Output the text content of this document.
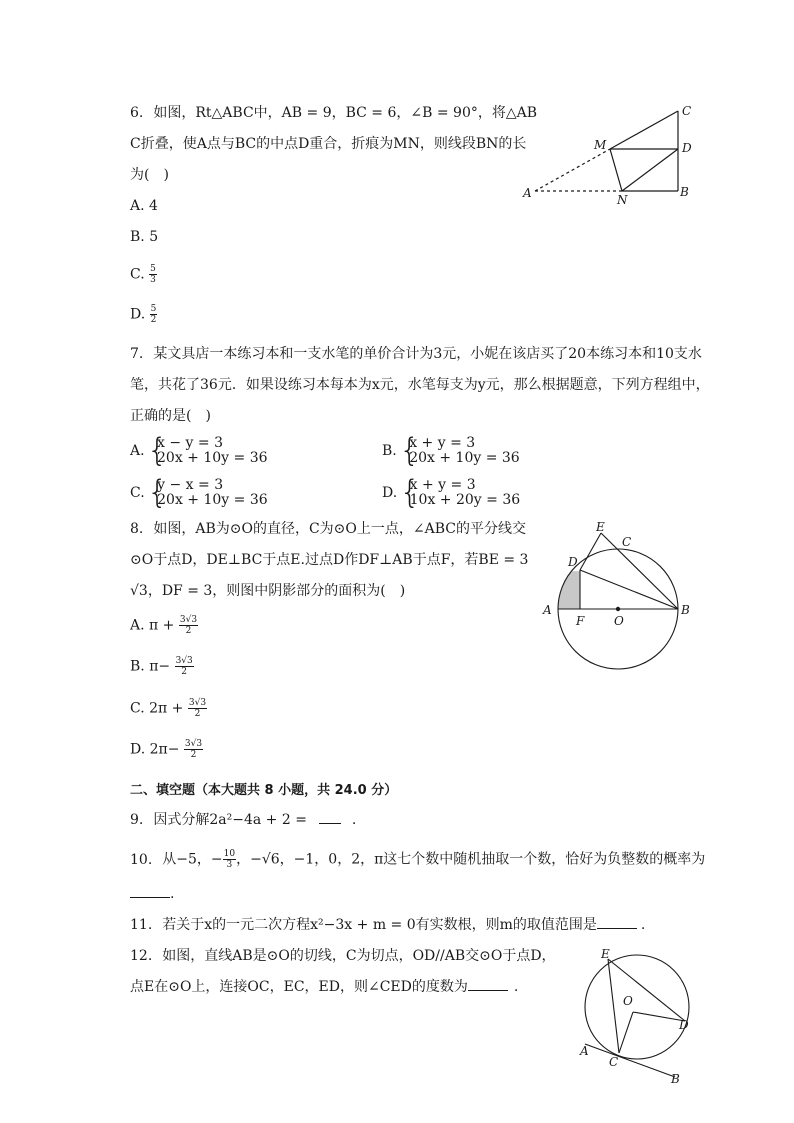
6. 如图，Rt△ABC中，AB = 9，BC = 6，∠B = 90°，将△AB
C折叠，使A点与BC的中点D重合，折痕为MN，则线段BN的长
为(　)
A. 4
B. 5
C. $\frac{5}{3}$
D. $\frac{5}{2}$
C
M	D
A	N
B
7. 某文具店一本练习本和一支水笔的单价合计为3元，小妮在该店买了20本练习本和10支水
笔，共花了36元．如果设练习本每本为x元，水笔每支为y元，那么根据题意，下列方程组中，
正确的是(　)
A. { x − y = 3
20x + 10y = 36	B. { x + y = 3
20x + 10y = 36
C. { y − x = 3
20x + 10y = 36	D. { x + y = 3
10x + 20y = 36
8. 如图，AB为⊙O的直径，C为⊙O上一点，∠ABC的平分线交
⊙O于点D，DE⊥BC于点E.过点D作DF⊥AB于点F，若BE = 3
√3，DF = 3，则图中阴影部分的面积为(　)
A. $\pi + \frac{3√3}{2}$
B. $\pi- \frac{3√3}{2}$
C. $2\pi + \frac{3√3}{2}$
D. $2\pi- \frac{3√3}{2}$
E
C
D
A
F O
B
二、填空题（本大题共 8 小题，共 24.0 分）
9. 因式分解2a²−4a + 2 =	.
10. 从−5，− $\frac{10}{3}$ ，−√6，−1，0，2，π这七个数中随机抽取一个数，恰好为负整数的概率为
.
11. 若关于x的一元二次方程x²−3x + m = 0有实数根，则m的取值范围是	.
12. 如图，直线AB是⊙O的切线，C为切点，OD//AB交⊙O于点D，
点E在⊙O上，连接OC，EC，ED，则∠CED的度数为	.
E
O
D
A
C
B
